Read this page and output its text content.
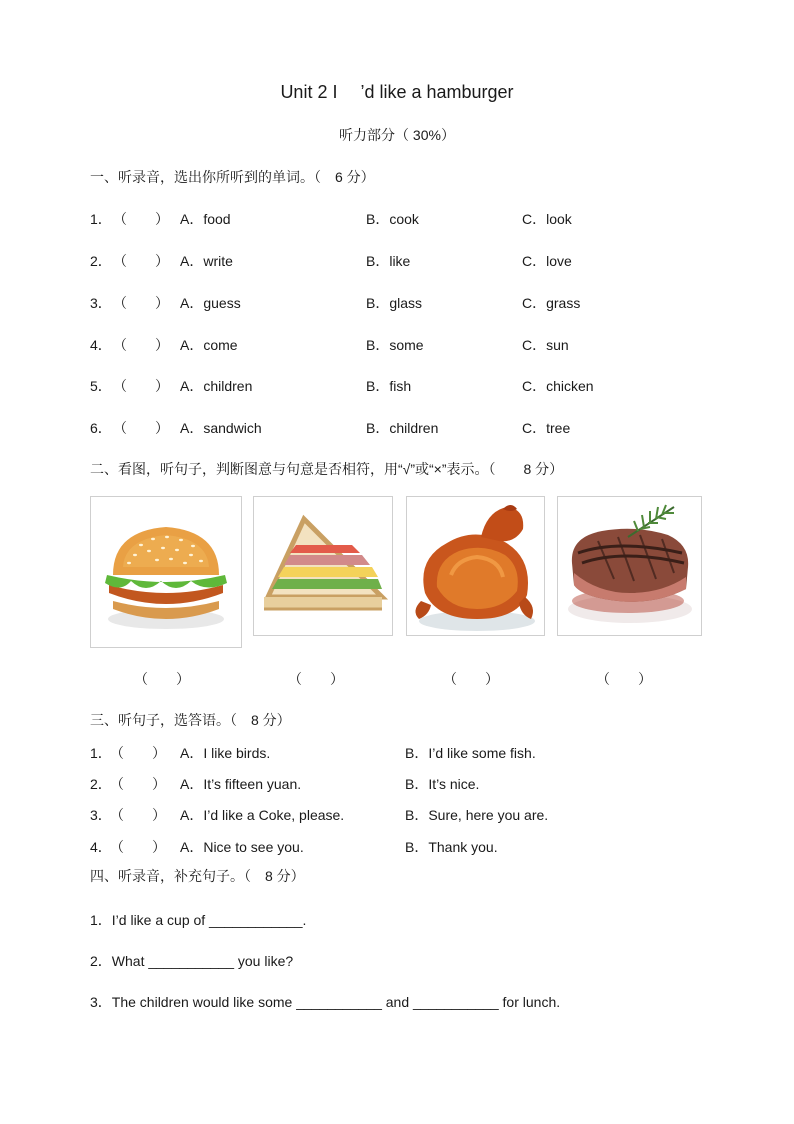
Unit 2 I　 ’d like a hamburger
听力部分（ 30%）
一、听录音，选出你所听到的单词。（　6 分）
1． （　　） A．food	B．cook	C．look
2． （　　） A．write	B．like	C．love
3． （　　） A．guess	B．glass	C．grass
4． （　　） A．come	B．some	C．sun
5． （　　） A．children	B．fish	C．chicken
6． （　　） A．sandwich	B．children	C．tree
二、看图，听句子，判断图意与句意是否相符，用“√”或“×”表示。（　　8 分）
（　　）	（　　）	（　　）	（　　）
三、听句子，选答语。（　8 分）
1．
（　　） A．I like birds.	B．I’d like some fish.
2．
（　　） A．It’s fifteen yuan.	B．It’s nice.
3．
（　　） A．I’d like a Coke, please.	B．Sure, here you are.
4．
（　　） A．Nice to see you.	B．Thank you.
四、听录音，补充句子。（　8 分）
1．I’d like a cup of ____________.
2．What ___________ you like?
3．The children would like some ___________ and ___________ for lunch.
